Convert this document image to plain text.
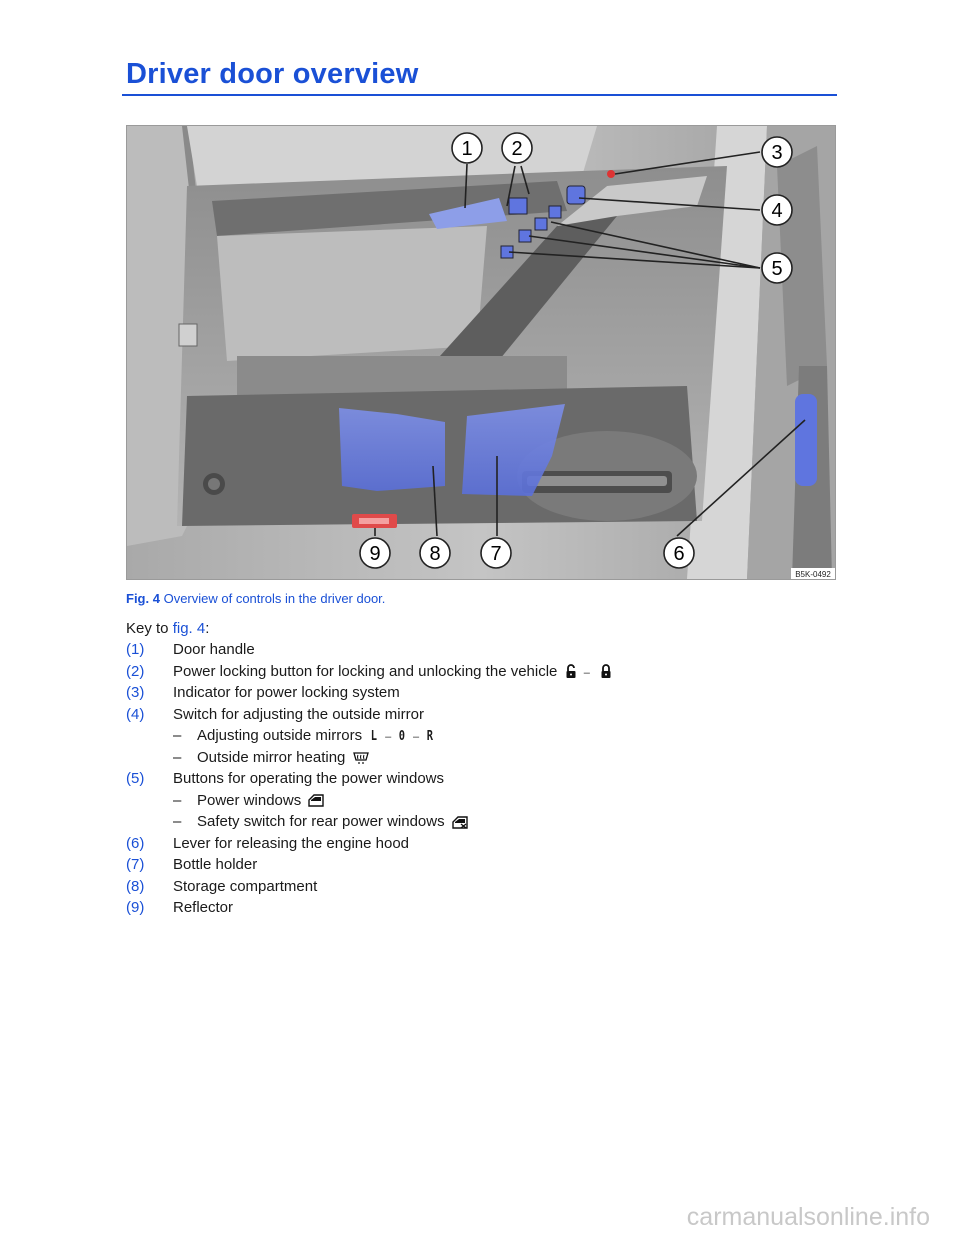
Driver door overview
1 2	3
4
5
6
7
8
9
B5K-0492
Fig. 4 Overview of controls in the driver door.
Key to fig. 4:
(1) Door handle
(2) Power locking button for locking and unlocking the vehicle –
(3) Indicator for power locking system
(4) Switch for adjusting the outside mirror
– Adjusting outside mirrors L – 0 – R
– Outside mirror heating
(5) Buttons for operating the power windows
– Power windows
– Safety switch for rear power windows
(6) Lever for releasing the engine hood
(7) Bottle holder
(8) Storage compartment
(9) Reflector
carmanualsonline.info
